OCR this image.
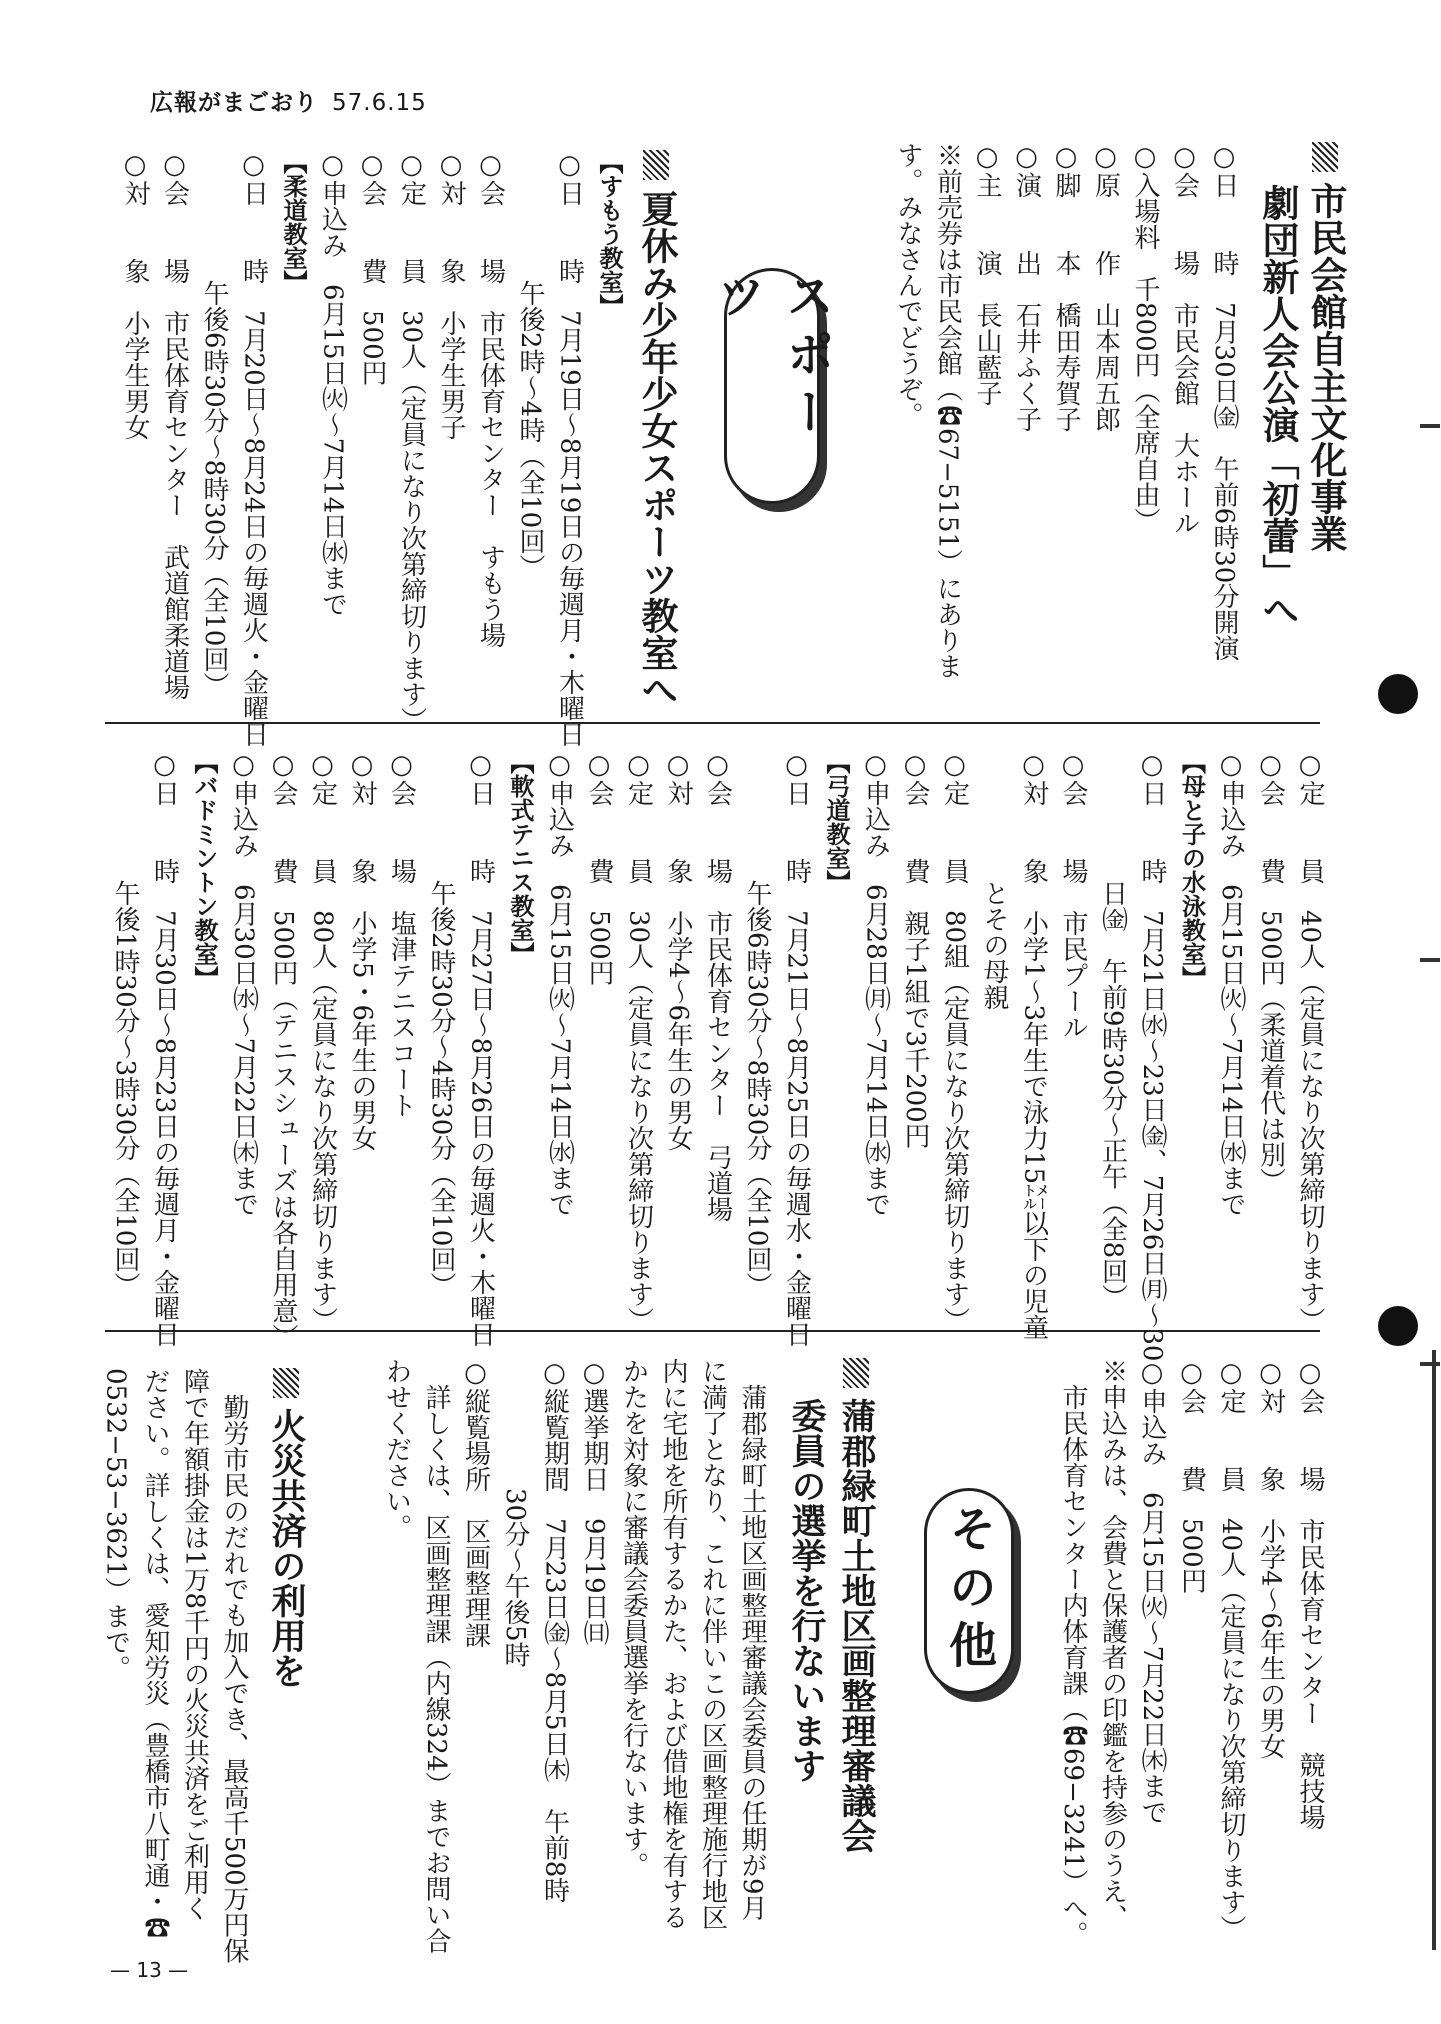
広報がまごおり 57.6.15
— 13 —
市民会館自主文化事業
劇団新人会公演「初蕾」へ
○日　　時　7月30日㈮　午前6時30分開演
○会　　場　市民会館　大ホール
○入場料　千800円（全席自由）
○原　　作　山本周五郎
○脚　　本　橋田寿賀子
○演　　出　石井ふく子
○主　　演　長山藍子
※前売券は市民会館（☎67−5151）にありま
す。みなさんでどうぞ。
スポーツ
夏休み少年少女スポーツ教室へ
【すもう教室】
○日　　時　7月19日〜8月19日の毎週月・木曜日
　　　　　午後2時〜4時（全10回）
○会　　場　市民体育センター　すもう場
○対　　象　小学生男子
○定　　員　30人（定員になり次第締切ります）
○会　　費　500円
○申込み　6月15日㈫〜7月14日㈬まで
【柔道教室】
○日　　時　7月20日〜8月24日の毎週火・金曜日
　　　　　午後6時30分〜8時30分（全10回）
○会　　場　市民体育センター　武道館柔道場
○対　　象　小学生男女
○定　　員　40人（定員になり次第締切ります）
○会　　費　500円（柔道着代は別）
○申込み　6月15日㈫〜7月14日㈬まで
【母と子の水泳教室】
○日　　時　7月21日㈬〜23日㈮、7月26日㈪〜30
　　　　　日㈮　午前9時30分〜正午（全8回）
○会　　場　市民プール
○対　　象　小学1〜3年生で泳力15㍍以下の児童
　　　　　とその母親
○定　　員　80組（定員になり次第締切ります）
○会　　費　親子1組で3千200円
○申込み　6月28日㈪〜7月14日㈬まで
【弓道教室】
○日　　時　7月21日〜8月25日の毎週水・金曜日
　　　　　午後6時30分〜8時30分（全10回）
○会　　場　市民体育センター　弓道場
○対　　象　小学4〜6年生の男女
○定　　員　30人（定員になり次第締切ります）
○会　　費　500円
○申込み　6月15日㈫〜7月14日㈬まで
【軟式テニス教室】
○日　　時　7月27日〜8月26日の毎週火・木曜日
　　　　　午後2時30分〜4時30分（全10回）
○会　　場　塩津テニスコート
○対　　象　小学5・6年生の男女
○定　　員　80人（定員になり次第締切ります）
○会　　費　500円（テニスシューズは各自用意）
○申込み　6月30日㈬〜7月22日㈭まで
【バドミントン教室】
○日　　時　7月30日〜8月23日の毎週月・金曜日
　　　　　午後1時30分〜3時30分（全10回）
○会　　場　市民体育センター　競技場
○対　　象　小学4〜6年生の男女
○定　　員　40人（定員になり次第締切ります）
○会　　費　500円
○申込み　6月15日㈫〜7月22日㈭まで
※申込みは、会費と保護者の印鑑を持参のうえ、
　市民体育センター内体育課（☎69−3241）へ。
その他
蒲郡緑町土地区画整理審議会
委員の選挙を行ないます
　蒲郡緑町土地区画整理審議会委員の任期が9月
に満了となり、これに伴いこの区画整理施行地区
内に宅地を所有するかた、および借地権を有する
かたを対象に審議会委員選挙を行ないます。
○選挙期日　9月19日㈰
○縦覧期間　7月23日㈮〜8月5日㈭　午前8時
　　　　　30分〜午後5時
○縦覧場所　区画整理課
　詳しくは、区画整理課（内線324）までお問い合
わせください。
火災共済の利用を
　勤労市民のだれでも加入でき、最高千500万円保
障で年額掛金は1万8千円の火災共済をご利用く
ださい。詳しくは、愛知労災（豊橋市八町通・☎
0532−53−3621）まで。
